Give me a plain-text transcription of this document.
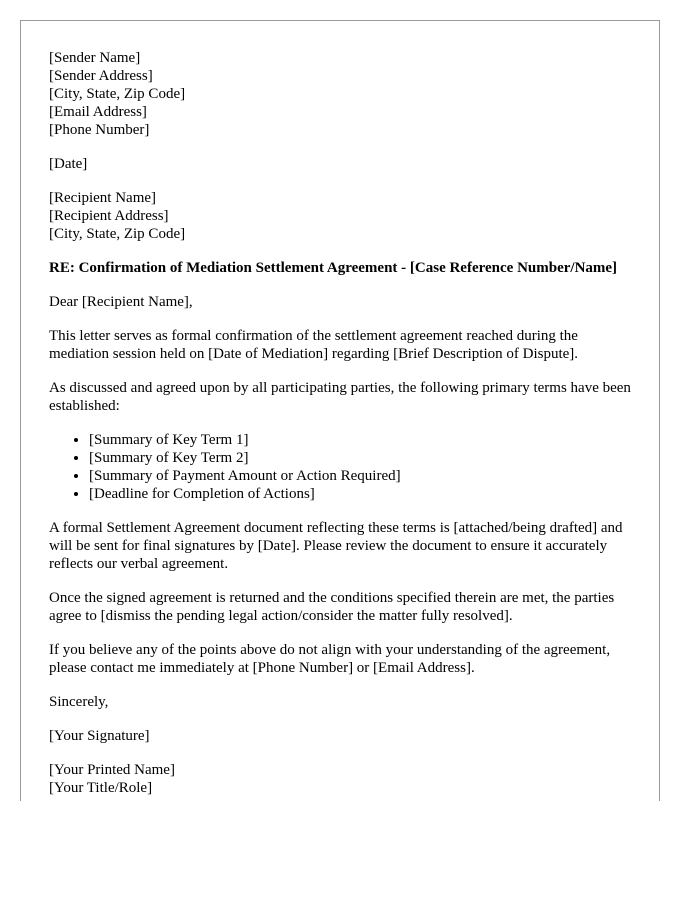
[Sender Name]
[Sender Address]
[City, State, Zip Code]
[Email Address]
[Phone Number]
[Date]
[Recipient Name]
[Recipient Address]
[City, State, Zip Code]
RE: Confirmation of Mediation Settlement Agreement - [Case Reference Number/Name]

Dear [Recipient Name],

This letter serves as formal confirmation of the settlement agreement reached during the mediation session held on [Date of Mediation] regarding [Brief Description of Dispute].

As discussed and agreed upon by all participating parties, the following primary terms have been established:

• [Summary of Key Term 1]
• [Summary of Key Term 2]
• [Summary of Payment Amount or Action Required]
• [Deadline for Completion of Actions]

A formal Settlement Agreement document reflecting these terms is [attached/being drafted] and will be sent for final signatures by [Date]. Please review the document to ensure it accurately reflects our verbal agreement.

Once the signed agreement is returned and the conditions specified therein are met, the parties agree to [dismiss the pending legal action/consider the matter fully resolved].

If you believe any of the points above do not align with your understanding of the agreement, please contact me immediately at [Phone Number] or [Email Address].

Sincerely,

[Your Signature]

[Your Printed Name]
[Your Title/Role]
